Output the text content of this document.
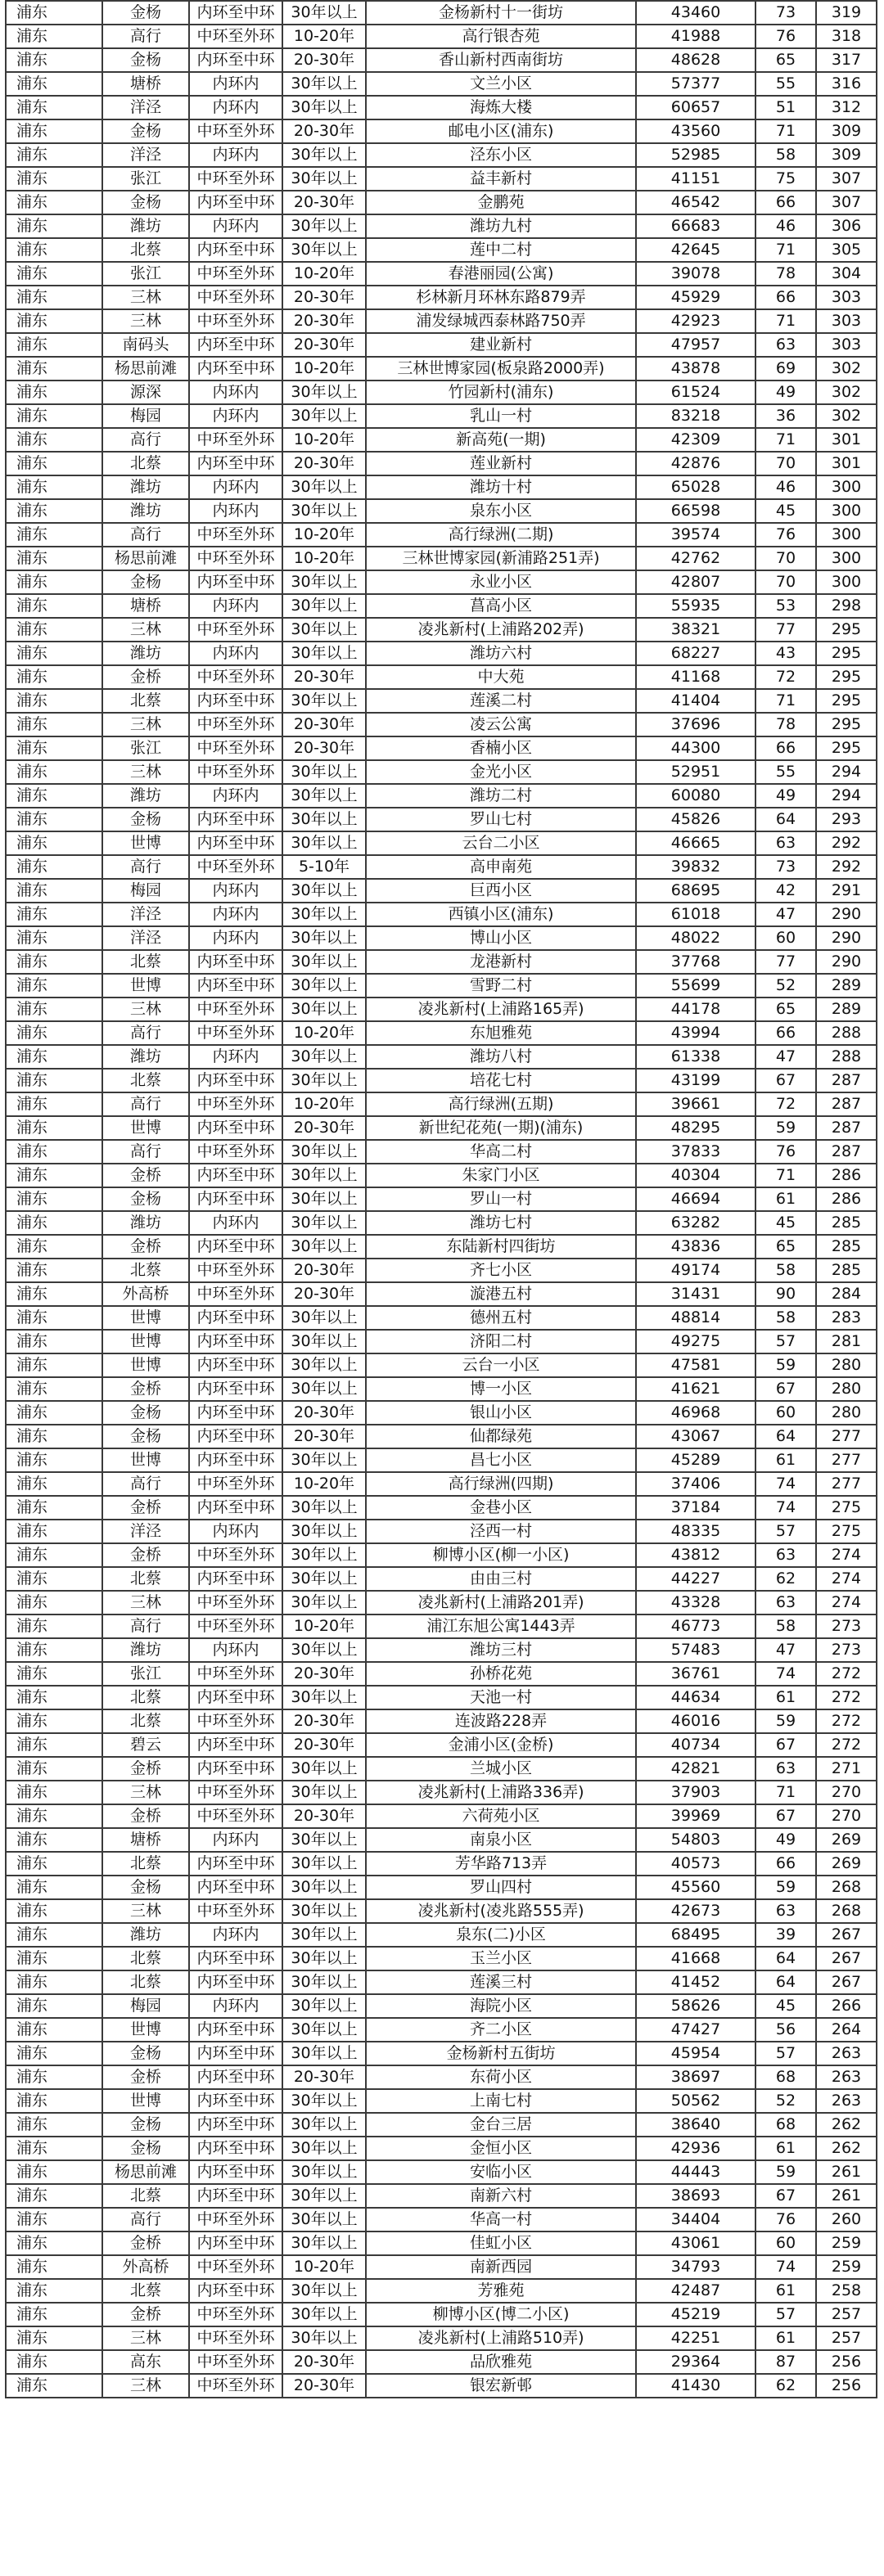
浦东	金杨	内环至中环	30年以上	金杨新村十一街坊	43460	73	319
浦东	高行	中环至外环	10-20年	高行银杏苑	41988	76	318
浦东	金杨	内环至中环	20-30年	香山新村西南街坊	48628	65	317
浦东	塘桥	内环内	30年以上	文兰小区	57377	55	316
浦东	洋泾	内环内	30年以上	海炼大楼	60657	51	312
浦东	金杨	中环至外环	20-30年	邮电小区(浦东)	43560	71	309
浦东	洋泾	内环内	30年以上	泾东小区	52985	58	309
浦东	张江	中环至外环	30年以上	益丰新村	41151	75	307
浦东	金杨	内环至中环	20-30年	金鹏苑	46542	66	307
浦东	潍坊	内环内	30年以上	潍坊九村	66683	46	306
浦东	北蔡	内环至中环	30年以上	莲中二村	42645	71	305
浦东	张江	中环至外环	10-20年	春港丽园(公寓)	39078	78	304
浦东	三林	中环至外环	20-30年	杉林新月环林东路879弄	45929	66	303
浦东	三林	中环至外环	20-30年	浦发绿城西泰林路750弄	42923	71	303
浦东	南码头	内环至中环	20-30年	建业新村	47957	63	303
浦东	杨思前滩	内环至中环	10-20年	三林世博家园(板泉路2000弄)	43878	69	302
浦东	源深	内环内	30年以上	竹园新村(浦东)	61524	49	302
浦东	梅园	内环内	30年以上	乳山一村	83218	36	302
浦东	高行	中环至外环	10-20年	新高苑(一期)	42309	71	301
浦东	北蔡	内环至中环	20-30年	莲业新村	42876	70	301
浦东	潍坊	内环内	30年以上	潍坊十村	65028	46	300
浦东	潍坊	内环内	30年以上	泉东小区	66598	45	300
浦东	高行	中环至外环	10-20年	高行绿洲(二期)	39574	76	300
浦东	杨思前滩	中环至外环	10-20年	三林世博家园(新浦路251弄)	42762	70	300
浦东	金杨	内环至中环	30年以上	永业小区	42807	70	300
浦东	塘桥	内环内	30年以上	菖高小区	55935	53	298
浦东	三林	中环至外环	30年以上	凌兆新村(上浦路202弄)	38321	77	295
浦东	潍坊	内环内	30年以上	潍坊六村	68227	43	295
浦东	金桥	中环至外环	20-30年	中大苑	41168	72	295
浦东	北蔡	内环至中环	30年以上	莲溪二村	41404	71	295
浦东	三林	中环至外环	20-30年	凌云公寓	37696	78	295
浦东	张江	中环至外环	20-30年	香楠小区	44300	66	295
浦东	三林	中环至外环	30年以上	金光小区	52951	55	294
浦东	潍坊	内环内	30年以上	潍坊二村	60080	49	294
浦东	金杨	内环至中环	30年以上	罗山七村	45826	64	293
浦东	世博	内环至中环	30年以上	云台二小区	46665	63	292
浦东	高行	中环至外环	5-10年	高申南苑	39832	73	292
浦东	梅园	内环内	30年以上	巨西小区	68695	42	291
浦东	洋泾	内环内	30年以上	西镇小区(浦东)	61018	47	290
浦东	洋泾	内环内	30年以上	博山小区	48022	60	290
浦东	北蔡	内环至中环	30年以上	龙港新村	37768	77	290
浦东	世博	内环至中环	30年以上	雪野二村	55699	52	289
浦东	三林	中环至外环	30年以上	凌兆新村(上浦路165弄)	44178	65	289
浦东	高行	中环至外环	10-20年	东旭雅苑	43994	66	288
浦东	潍坊	内环内	30年以上	潍坊八村	61338	47	288
浦东	北蔡	内环至中环	30年以上	培花七村	43199	67	287
浦东	高行	中环至外环	10-20年	高行绿洲(五期)	39661	72	287
浦东	世博	内环至中环	20-30年	新世纪花苑(一期)(浦东)	48295	59	287
浦东	高行	中环至外环	30年以上	华高二村	37833	76	287
浦东	金桥	内环至中环	30年以上	朱家门小区	40304	71	286
浦东	金杨	内环至中环	30年以上	罗山一村	46694	61	286
浦东	潍坊	内环内	30年以上	潍坊七村	63282	45	285
浦东	金桥	内环至中环	30年以上	东陆新村四街坊	43836	65	285
浦东	北蔡	中环至外环	20-30年	齐七小区	49174	58	285
浦东	外高桥	中环至外环	20-30年	漩港五村	31431	90	284
浦东	世博	内环至中环	30年以上	德州五村	48814	58	283
浦东	世博	内环至中环	30年以上	济阳二村	49275	57	281
浦东	世博	内环至中环	30年以上	云台一小区	47581	59	280
浦东	金桥	内环至中环	30年以上	博一小区	41621	67	280
浦东	金杨	内环至中环	20-30年	银山小区	46968	60	280
浦东	金杨	内环至中环	20-30年	仙都绿苑	43067	64	277
浦东	世博	内环至中环	30年以上	昌七小区	45289	61	277
浦东	高行	中环至外环	10-20年	高行绿洲(四期)	37406	74	277
浦东	金桥	内环至中环	30年以上	金巷小区	37184	74	275
浦东	洋泾	内环内	30年以上	泾西一村	48335	57	275
浦东	金桥	中环至外环	30年以上	柳博小区(柳一小区)	43812	63	274
浦东	北蔡	内环至中环	30年以上	由由三村	44227	62	274
浦东	三林	中环至外环	30年以上	凌兆新村(上浦路201弄)	43328	63	274
浦东	高行	中环至外环	10-20年	浦江东旭公寓1443弄	46773	58	273
浦东	潍坊	内环内	30年以上	潍坊三村	57483	47	273
浦东	张江	中环至外环	20-30年	孙桥花苑	36761	74	272
浦东	北蔡	内环至中环	30年以上	天池一村	44634	61	272
浦东	北蔡	中环至外环	20-30年	连波路228弄	46016	59	272
浦东	碧云	内环至中环	20-30年	金浦小区(金桥)	40734	67	272
浦东	金桥	内环至中环	30年以上	兰城小区	42821	63	271
浦东	三林	中环至外环	30年以上	凌兆新村(上浦路336弄)	37903	71	270
浦东	金桥	中环至外环	20-30年	六荷苑小区	39969	67	270
浦东	塘桥	内环内	30年以上	南泉小区	54803	49	269
浦东	北蔡	内环至中环	30年以上	芳华路713弄	40573	66	269
浦东	金杨	内环至中环	30年以上	罗山四村	45560	59	268
浦东	三林	中环至外环	30年以上	凌兆新村(凌兆路555弄)	42673	63	268
浦东	潍坊	内环内	30年以上	泉东(二)小区	68495	39	267
浦东	北蔡	内环至中环	30年以上	玉兰小区	41668	64	267
浦东	北蔡	内环至中环	30年以上	莲溪三村	41452	64	267
浦东	梅园	内环内	30年以上	海院小区	58626	45	266
浦东	世博	内环至中环	30年以上	齐二小区	47427	56	264
浦东	金杨	内环至中环	30年以上	金杨新村五街坊	45954	57	263
浦东	金桥	内环至中环	20-30年	东荷小区	38697	68	263
浦东	世博	内环至中环	30年以上	上南七村	50562	52	263
浦东	金杨	内环至中环	30年以上	金台三居	38640	68	262
浦东	金杨	内环至中环	30年以上	金恒小区	42936	61	262
浦东	杨思前滩	内环至中环	30年以上	安临小区	44443	59	261
浦东	北蔡	内环至中环	30年以上	南新六村	38693	67	261
浦东	高行	中环至外环	30年以上	华高一村	34404	76	260
浦东	金桥	内环至中环	30年以上	佳虹小区	43061	60	259
浦东	外高桥	中环至外环	10-20年	南新西园	34793	74	259
浦东	北蔡	内环至中环	30年以上	芳雅苑	42487	61	258
浦东	金桥	中环至外环	30年以上	柳博小区(博二小区)	45219	57	257
浦东	三林	中环至外环	30年以上	凌兆新村(上浦路510弄)	42251	61	257
浦东	高东	中环至外环	20-30年	品欣雅苑	29364	87	256
浦东	三林	中环至外环	20-30年	银宏新邨	41430	62	256
